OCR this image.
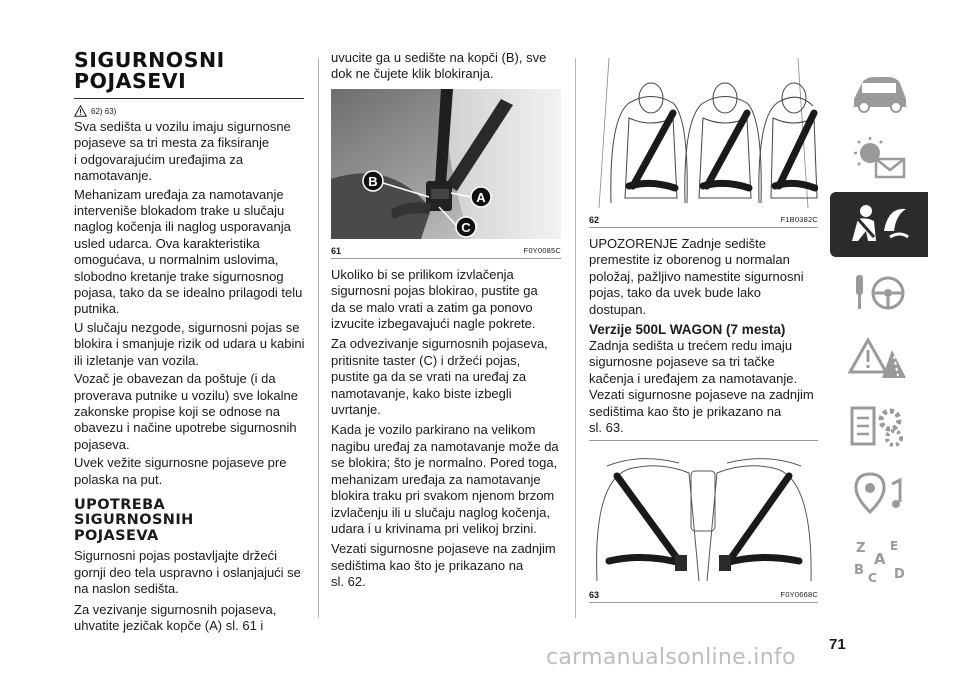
SIGURNOSNI
POJASEVI
62) 63)

Sva sedišta u vozilu imaju sigurnosne
pojaseve sa tri mesta za fiksiranje
i odgovarajućim uređajima za
namotavanje.

Mehanizam uređaja za namotavanje
interveniše blokadom trake u slučaju
naglog kočenja ili naglog usporavanja
usled udarca. Ova karakteristika
omogućava, u normalnim uslovima,
slobodno kretanje trake sigurnosnog
pojasa, tako da se idealno prilagodi telu
putnika.

U slučaju nezgode, sigurnosni pojas se
blokira i smanjuje rizik od udara u kabini
ili izletanje van vozila.

Vozač je obavezan da poštuje (i da
proverava putnike u vozilu) sve lokalne
zakonske propise koji se odnose na
obavezu i načine upotrebe sigurnosnih
pojaseva.

Uvek vežite sigurnosne pojaseve pre
polaska na put.

UPOTREBA
SIGURNOSNIH
POJASEVA

Sigurnosni pojas postavljajte držeći
gornji deo tela uspravno i oslanjajući se
na naslon sedišta.

Za vezivanje sigurnosnih pojaseva,
uhvatite jezičak kopče (A) sl. 61 i

uvucite ga u sedište na kopči (B), sve
dok ne čujete klik blokiranja.

B
A
C
61	F0Y0085C

Ukoliko bi se prilikom izvlačenja
sigurnosni pojas blokirao, pustite ga
da se malo vrati a zatim ga ponovo
izvucite izbegavajući nagle pokrete.

Za odvezivanje sigurnosnih pojaseva,
pritisnite taster (C) i držeći pojas,
pustite ga da se vrati na uređaj za
namotavanje, kako biste izbegli
uvrtanje.

Kada je vozilo parkirano na velikom
nagibu uređaj za namotavanje može da
se blokira; što je normalno. Pored toga,
mehanizam uređaja za namotavanje
blokira traku pri svakom njenom brzom
izvlačenju ili u slučaju naglog kočenja,
udara i u krivinama pri velikoj brzini.

Vezati sigurnosne pojaseve na zadnjim
sedištima kao što je prikazano na
sl. 62.

62	F1B0382C

UPOZORENJE Zadnje sedište
premestite iz oborenog u normalan
položaj, pažljivo namestite sigurnosni
pojas, tako da uvek bude lako
dostupan.

Verzije 500L WAGON (7 mesta)

Zadnja sedišta u trećem redu imaju
sigurnosne pojaseve sa tri tačke
kačenja i uređajem za namotavanje.
Vezati sigurnosne pojaseve na zadnjim
sedištima kao što je prikazano na
sl. 63.

63	F0Y0668C
Z E
A
B C D
71
carmanualsonline.info
